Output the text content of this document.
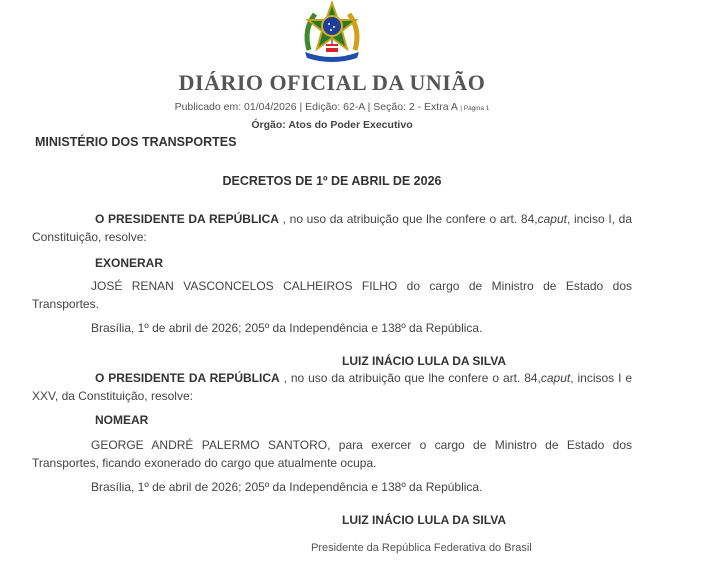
DIÁRIO OFICIAL DA UNIÃO
Publicado em: 01/04/2026 | Edição: 62-A | Seção: 2 - Extra A | Página 1
Órgão: Atos do Poder Executivo
MINISTÉRIO DOS TRANSPORTES
DECRETOS DE 1º DE ABRIL DE 2026
O PRESIDENTE DA REPÚBLICA , no uso da atribuição que lhe confere o art. 84,caput, inciso I, da Constituição, resolve:
EXONERAR
JOSÉ RENAN VASCONCELOS CALHEIROS FILHO do cargo de Ministro de Estado dos Transportes.
Brasília, 1º de abril de 2026; 205º da Independência e 138º da República.
LUIZ INÁCIO LULA DA SILVA
O PRESIDENTE DA REPÚBLICA , no uso da atribuição que lhe confere o art. 84,caput, incisos I e XXV, da Constituição, resolve:
NOMEAR
GEORGE ANDRÉ PALERMO SANTORO, para exercer o cargo de Ministro de Estado dos Transportes, ficando exonerado do cargo que atualmente ocupa.
Brasília, 1º de abril de 2026; 205º da Independência e 138º da República.
LUIZ INÁCIO LULA DA SILVA
Presidente da República Federativa do Brasil
